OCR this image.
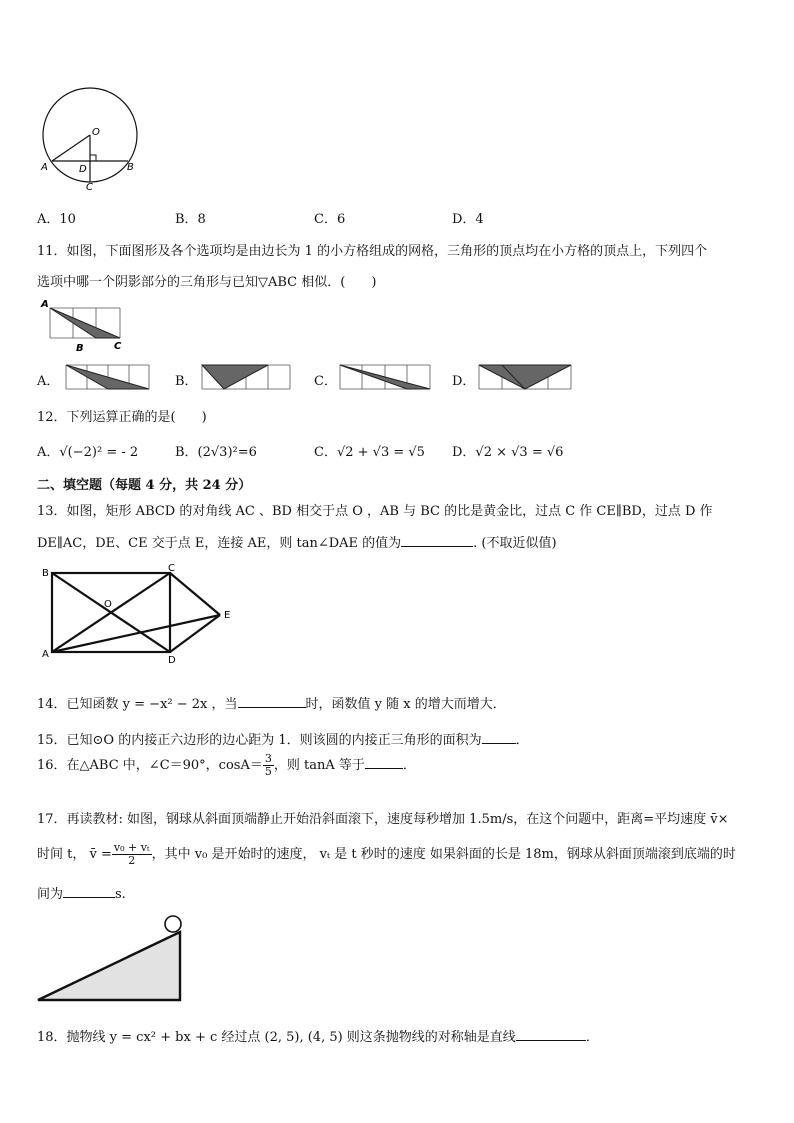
O
A	D	B
C
A．10	B．8	C．6	D．4
11．如图，下面图形及各个选项均是由边长为 1 的小方格组成的网格，三角形的顶点均在小方格的顶点上，下列四个
选项中哪一个阴影部分的三角形与已知▽ABC 相似．(　　)
A
B	C
A．	B．	C．	D．
12．下列运算正确的是(　　)
A．√(−2)² = - 2	B．(2√3)²=6	C．√2 + √3 = √5 D．√2 × √3 = √6
二、填空题（每题 4 分，共 24 分）
13．如图，矩形 ABCD 的对角线 AC 、BD 相交于点 O ，AB 与 BC 的比是黄金比，过点 C 作 CE∥BD，过点 D 作
DE∥AC，DE、CE 交于点 E，连接 AE，则 tan∠DAE 的值为	. (不取近似值)
B	C
O
E
A
D
14．已知函数 y = −x² − 2x ，当	时，函数值 y 随 x 的增大而增大．
15．已知⊙O 的内接正六边形的边心距为 1．则该圆的内接正三角形的面积为	．
16．在△ABC 中，∠C＝90°，$\cos A= \frac{3}{5}$ ，则 tanA 等于	．
17．再读教材: 如图，钢球从斜面顶端静止开始沿斜面滚下，速度每秒增加 1.5m/s，在这个问题中，距离=平均速度 v̄×
时间 t， v̄ = $\frac{\text{v₀ + vₜ}}{2}$ ，其中 v₀ 是开始时的速度， vₜ 是 t 秒时的速度 如果斜面的长是 18m，钢球从斜面顶端滚到底端的时
间为	s.
18．抛物线 y = cx² + bx + c 经过点 (2, 5), (4, 5) 则这条抛物线的对称轴是直线	．
